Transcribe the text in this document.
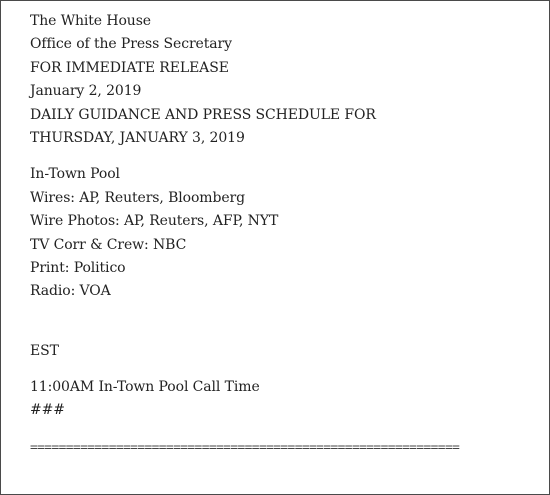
The White House
Office of the Press Secretary
FOR IMMEDIATE RELEASE
January 2, 2019
DAILY GUIDANCE AND PRESS SCHEDULE FOR
THURSDAY, JANUARY 3, 2019
In-Town Pool
Wires: AP, Reuters, Bloomberg
Wire Photos: AP, Reuters, AFP, NYT
TV Corr & Crew: NBC
Print: Politico
Radio: VOA
EST
11:00AM In-Town Pool Call Time
###
============================================================
